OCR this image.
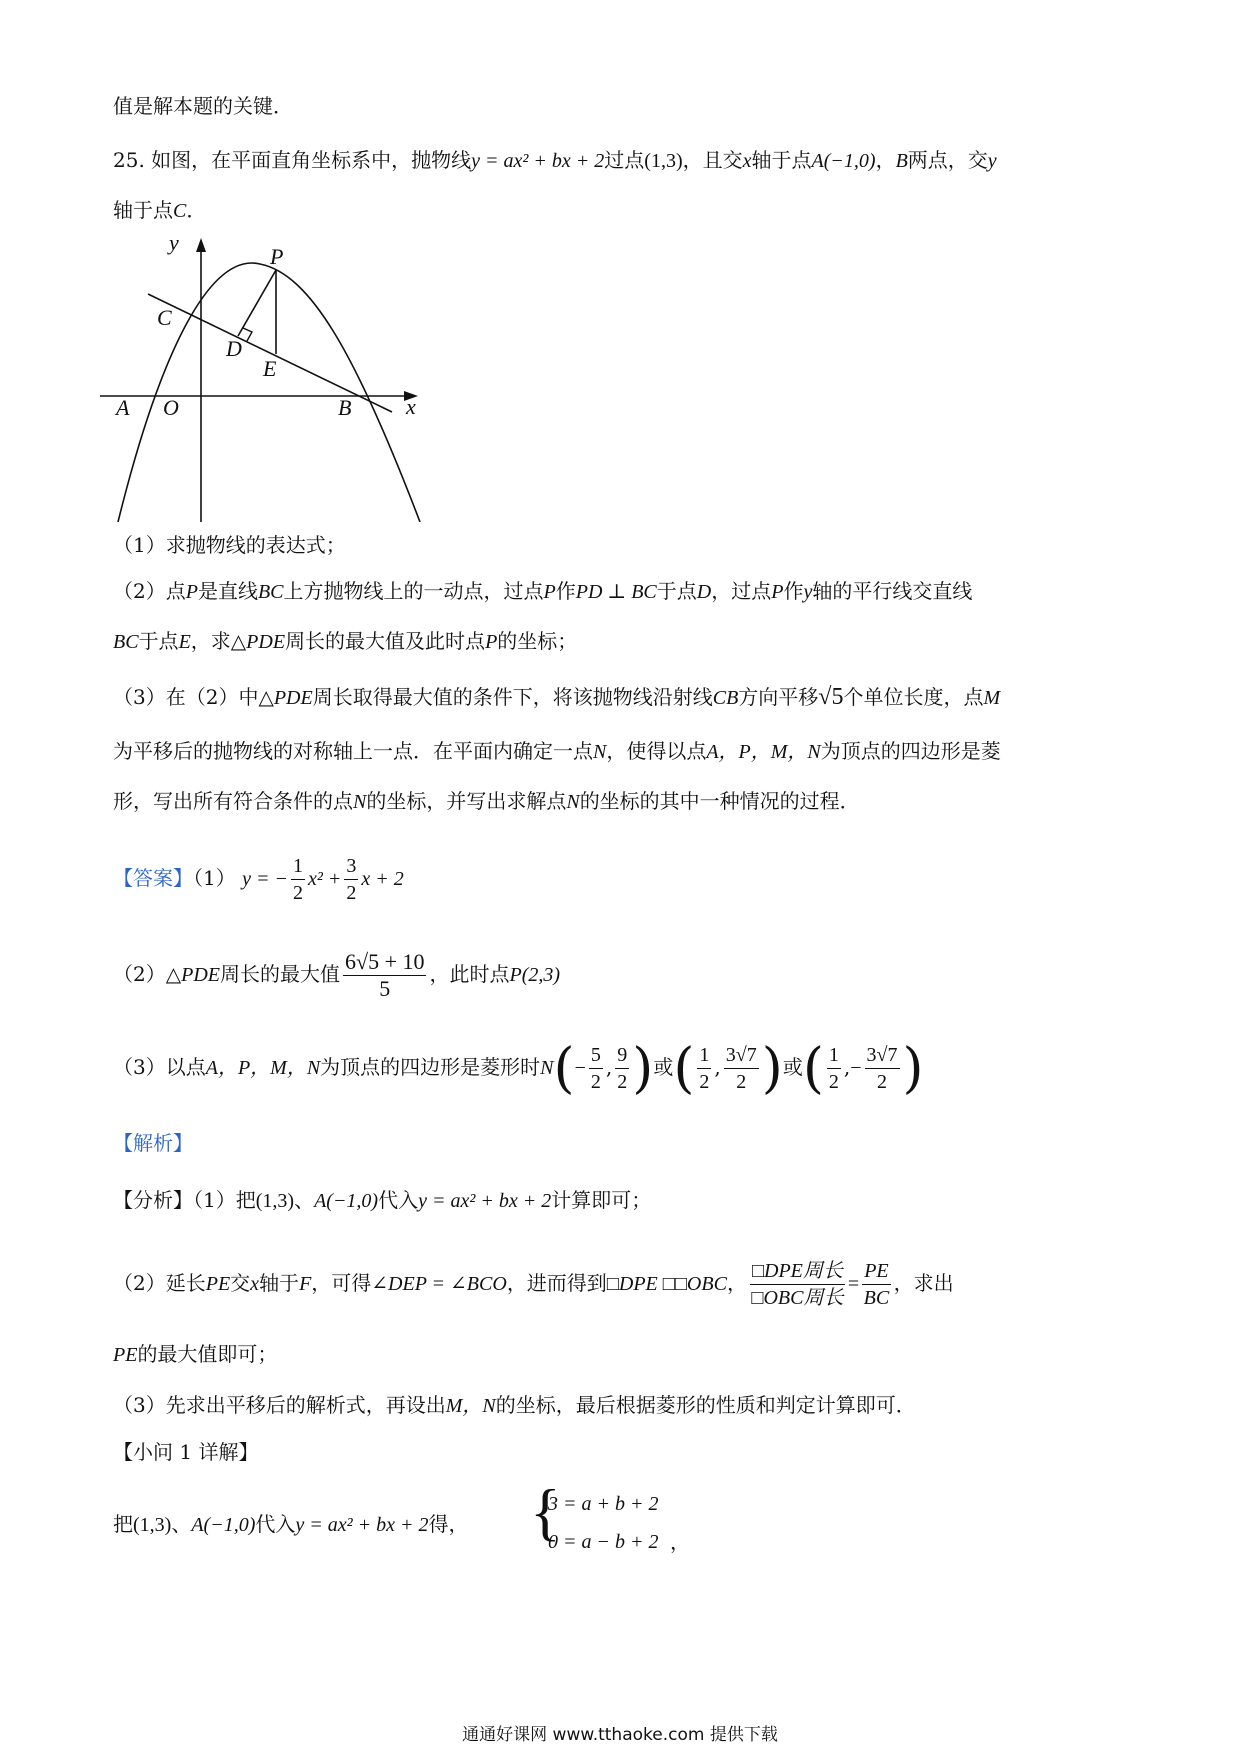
值是解本题的关键．
25. 如图，在平面直角坐标系中，抛物线y = ax² + bx + 2过点(1,3)，且交x轴于点A(−1,0)，B两点，交y
轴于点C．
y
x
P
C
D
E
A O	B
（1）求抛物线的表达式；
（2）点P是直线BC上方抛物线上的一动点，过点P作PD ⊥ BC于点D，过点P作y轴的平行线交直线
BC于点E，求△PDE周长的最大值及此时点P的坐标；
（3）在（2）中△PDE周长取得最大值的条件下，将该抛物线沿射线CB方向平移√5个单位长度，点M
为平移后的抛物线的对称轴上一点．在平面内确定一点N，使得以点A，P，M，N为顶点的四边形是菱
形，写出所有符合条件的点N的坐标，并写出求解点N的坐标的其中一种情况的过程．
【答案】（1） y = − $\frac{1}{2} x^2 + \frac{3}{2}$ x + 2
（2）△PDE周长的最大值 $\frac{6√5 + 10}{5}$ ，此时点P(2,3)
（3）以点A，P，M，N为顶点的四边形是菱形时$N(- \frac{5}{2}$ , $\frac{9}{2}$ )或( $\frac{1}{2}$ , $\frac{3√7}{2}$ )或( $\frac{1}{2}$ ,− $\frac{3√7}{2}$ )
【解析】
【分析】（1）把(1,3)、A(−1,0)代入y = ax² + bx + 2计算即可；
（2）延长PE交x轴于F，可得∠DEP = ∠BCO，进而得到□DPE □□OBC， $\frac{\text{□DPE周长}}{\text{□OBC周长}} = \frac{PE}{BC}$ ，求出
PE的最大值即可；
（3）先求出平移后的解析式，再设出M，N的坐标，最后根据菱形的性质和判定计算即可．
【小问 1 详解】
把(1,3)、A(−1,0)代入y = ax² + bx + 2得， {
3 = a + b + 2
0 = a − b + 2 ，
通通好课网 www.tthaoke.com 提供下载
